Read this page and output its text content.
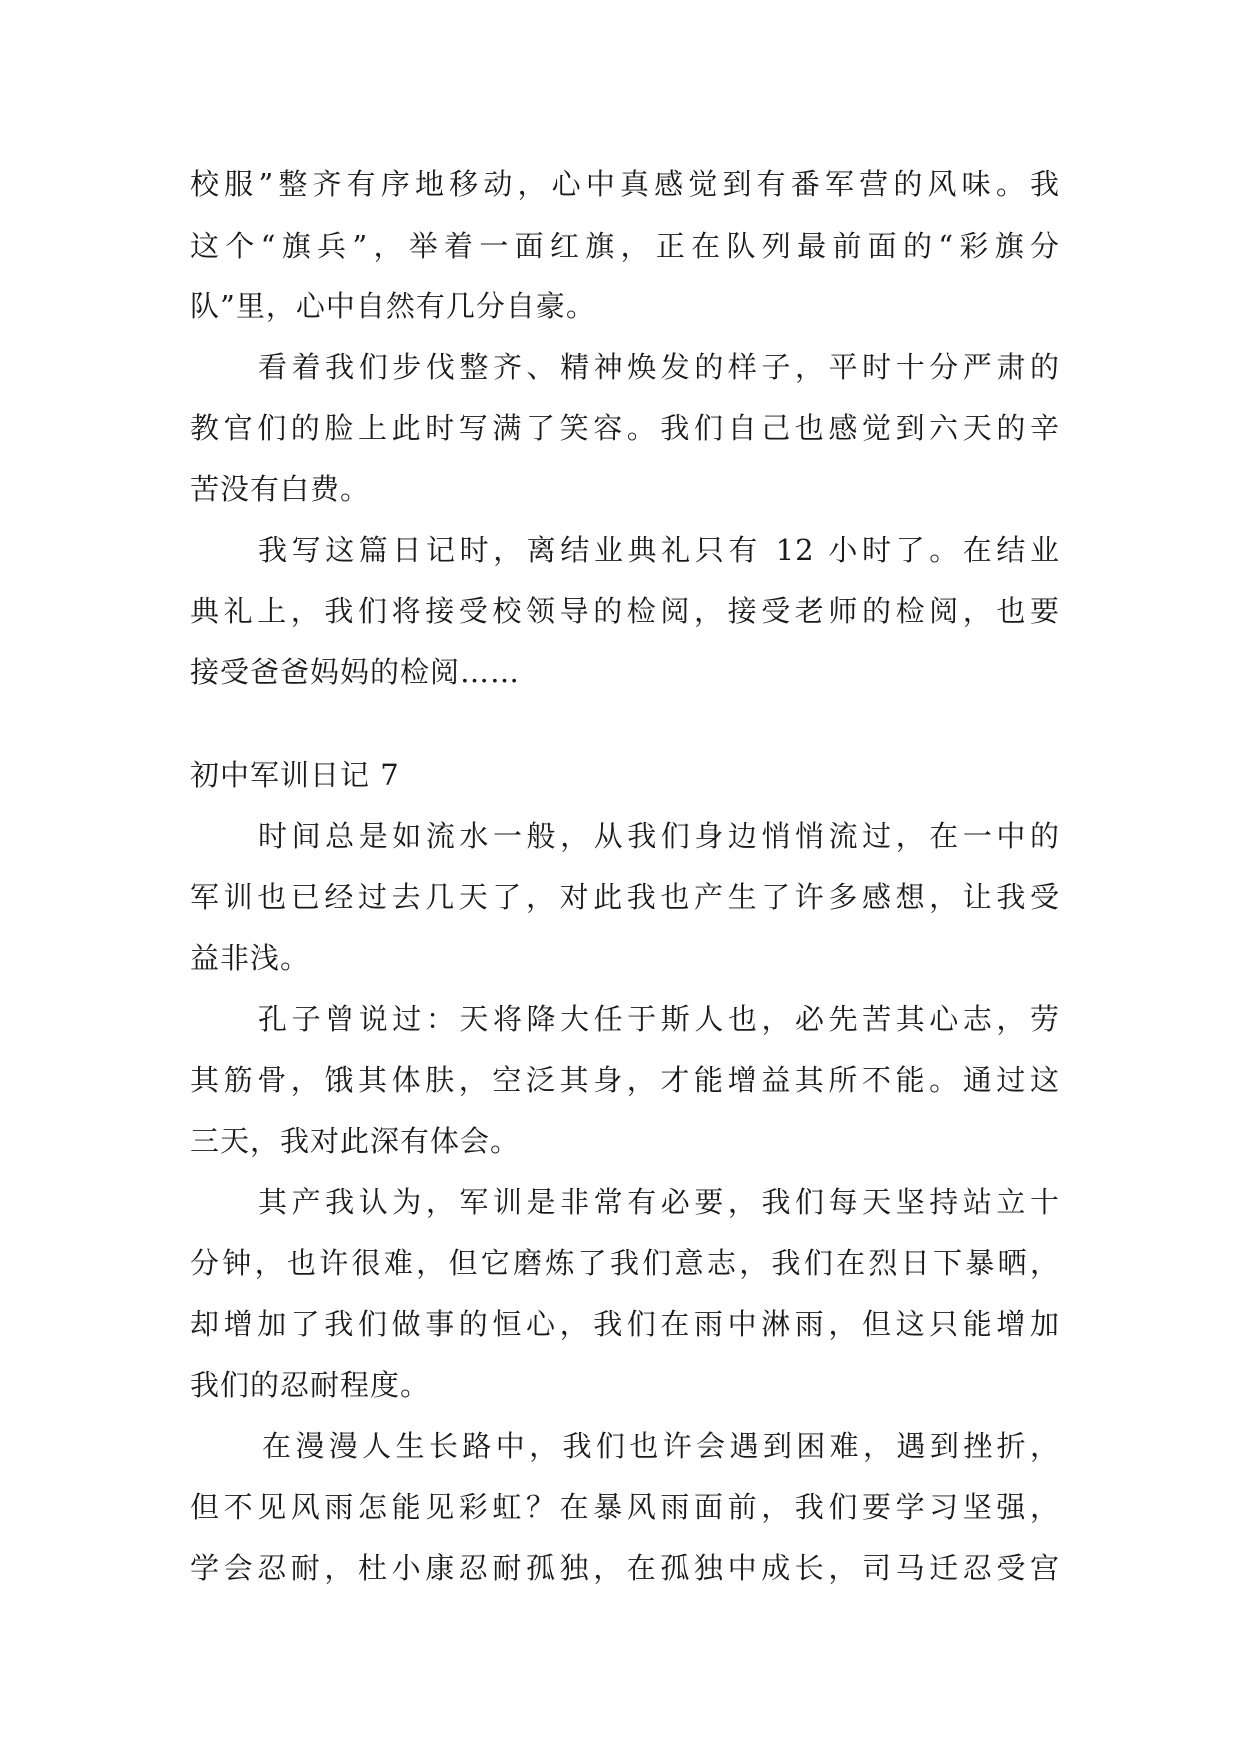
校服”整齐有序地移动，心中真感觉到有番军营的风味。我
这个“旗兵”，举着一面红旗，正在队列最前面的“彩旗分
队”里，心中自然有几分自豪。
看着我们步伐整齐、精神焕发的样子，平时十分严肃的
教官们的脸上此时写满了笑容。我们自己也感觉到六天的辛
苦没有白费。
我写这篇日记时，离结业典礼只有 12 小时了。在结业
典礼上，我们将接受校领导的检阅，接受老师的检阅，也要
接受爸爸妈妈的检阅……
初中军训日记 7
时间总是如流水一般，从我们身边悄悄流过，在一中的
军训也已经过去几天了，对此我也产生了许多感想，让我受
益非浅。
孔子曾说过：天将降大任于斯人也，必先苦其心志，劳
其筋骨，饿其体肤，空泛其身，才能增益其所不能。通过这
三天，我对此深有体会。
其产我认为，军训是非常有必要，我们每天坚持站立十
分钟，也许很难，但它磨炼了我们意志，我们在烈日下暴晒，
却增加了我们做事的恒心，我们在雨中淋雨，但这只能增加
我们的忍耐程度。
在漫漫人生长路中，我们也许会遇到困难，遇到挫折，
但不见风雨怎能见彩虹？在暴风雨面前，我们要学习坚强，
学会忍耐，杜小康忍耐孤独，在孤独中成长，司马迁忍受宫
